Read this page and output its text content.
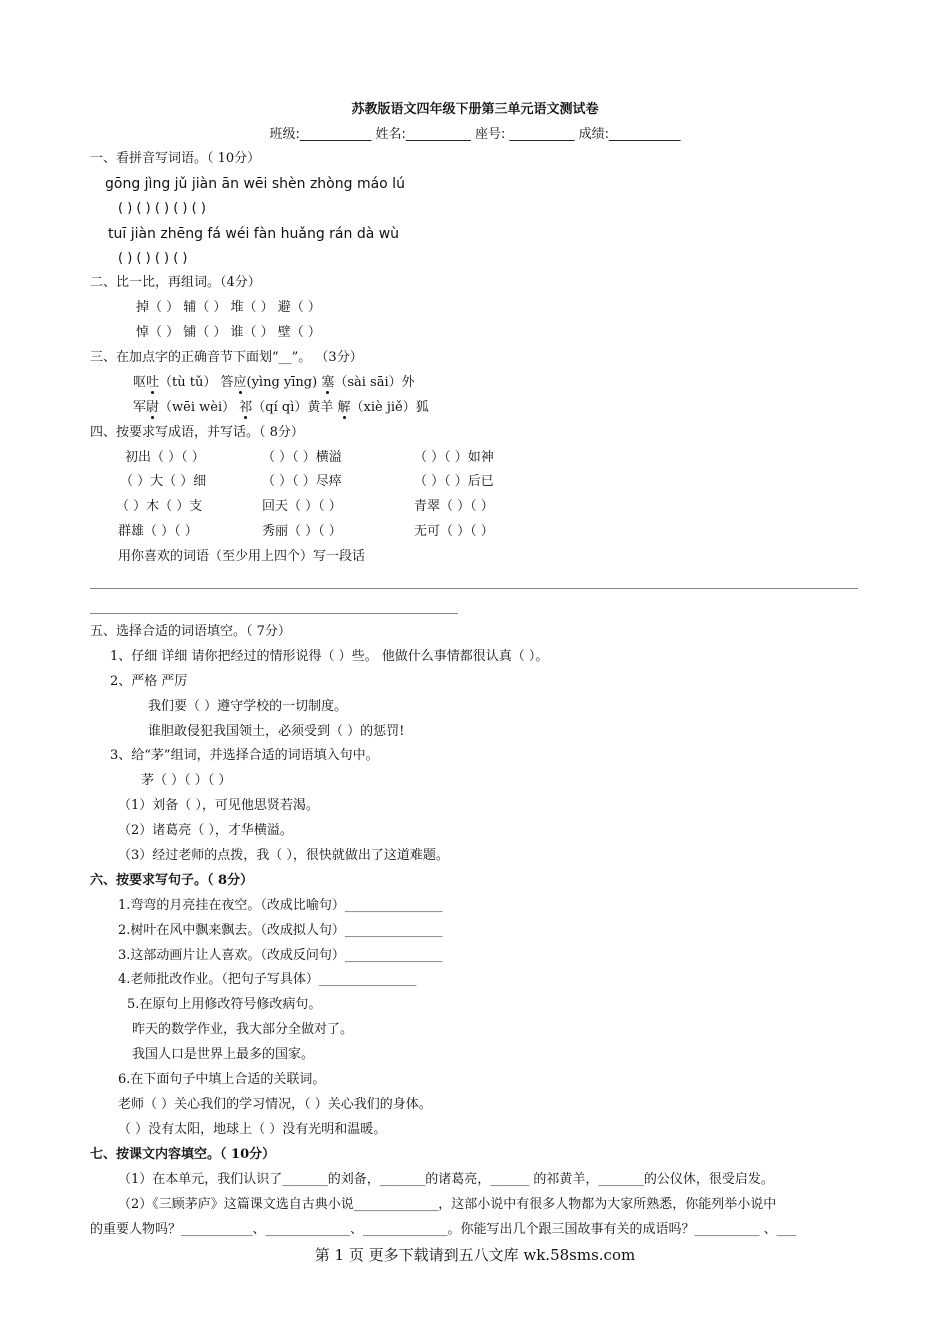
苏教版语文四年级下册第三单元语文测试卷
班级:___________ 姓名:__________ 座号: __________ 成绩:___________
一、看拼音写词语。（ 10分）
gōng jìng jǔ jiàn ān wēi shèn zhòng máo lú
( ) ( ) ( ) ( ) ( )
tuī jiàn zhēng fá wéi fàn huǎng rán dà wù
( ) ( ) ( ) ( )
二、比一比，再组词。（4分）
掉（ ） 辅（ ） 堆（ ） 避（ ）
悼（ ） 铺（ ） 谁（ ） 壁（ ）
三、在加点字的正确音节下面划“__”。 （3分）
呕吐（tù tǔ） 答应(yìng yīng) 塞（sài sāi）外
军尉（wēi wèi） 祁（qí qì）黄羊 解（xiè jiě）狐
四、按要求写成语，并写话。（ 8分）
初出（ ）（ ）	（ ）（ ）横溢	（ ）（ ）如神
（ ）大（ ）细	（ ）（ ）尽瘁	（ ）（ ）后已
（ ）木（ ）支	回天（ ）（ ）	青翠（ ）（ ）
群雄（ ）（ ）	秀丽（ ）（ ）	无可（ ）（ ）
用你喜欢的词语（至少用上四个）写一段话
五、选择合适的词语填空。（ 7分）
1、仔细 详细 请你把经过的情形说得（ ）些。 他做什么事情都很认真（ ）。
2、严格 严厉
我们要（ ）遵守学校的一切制度。
谁胆敢侵犯我国领土，必须受到（ ）的惩罚!
3、给“茅”组词，并选择合适的词语填入句中。
茅（ ）（ ）（ ）
（1）刘备（ ），可见他思贤若渴。
（2）诸葛亮（ ），才华横溢。
（3）经过老师的点拨，我（ ），很快就做出了这道难题。
六、按要求写句子。（ 8分）
1.弯弯的月亮挂在夜空。（改成比喻句）_______________
2.树叶在风中飘来飘去。（改成拟人句）_______________
3.这部动画片让人喜欢。（改成反问句）_______________
4.老师批改作业。（把句子写具体）_______________
5.在原句上用修改符号修改病句。
昨天的数学作业，我大部分全做对了。
我国人口是世界上最多的国家。
6.在下面句子中填上合适的关联词。
老师（ ）关心我们的学习情况，（ ）关心我们的身体。
（ ）没有太阳，地球上（ ）没有光明和温暖。
七、按课文内容填空。（ 10分）
（1）在本单元，我们认识了_______的刘备，_______的诸葛亮，______ 的祁黄羊，_______的公仪休，很受启发。
（2）《三顾茅庐》这篇课文选自古典小说_____________，这部小说中有很多人物都为大家所熟悉，你能列举小说中
的重要人物吗？___________、_____________、_____________。你能写出几个跟三国故事有关的成语吗？__________ 、___
第 1 页 更多下载请到五八文库 wk.58sms.com
